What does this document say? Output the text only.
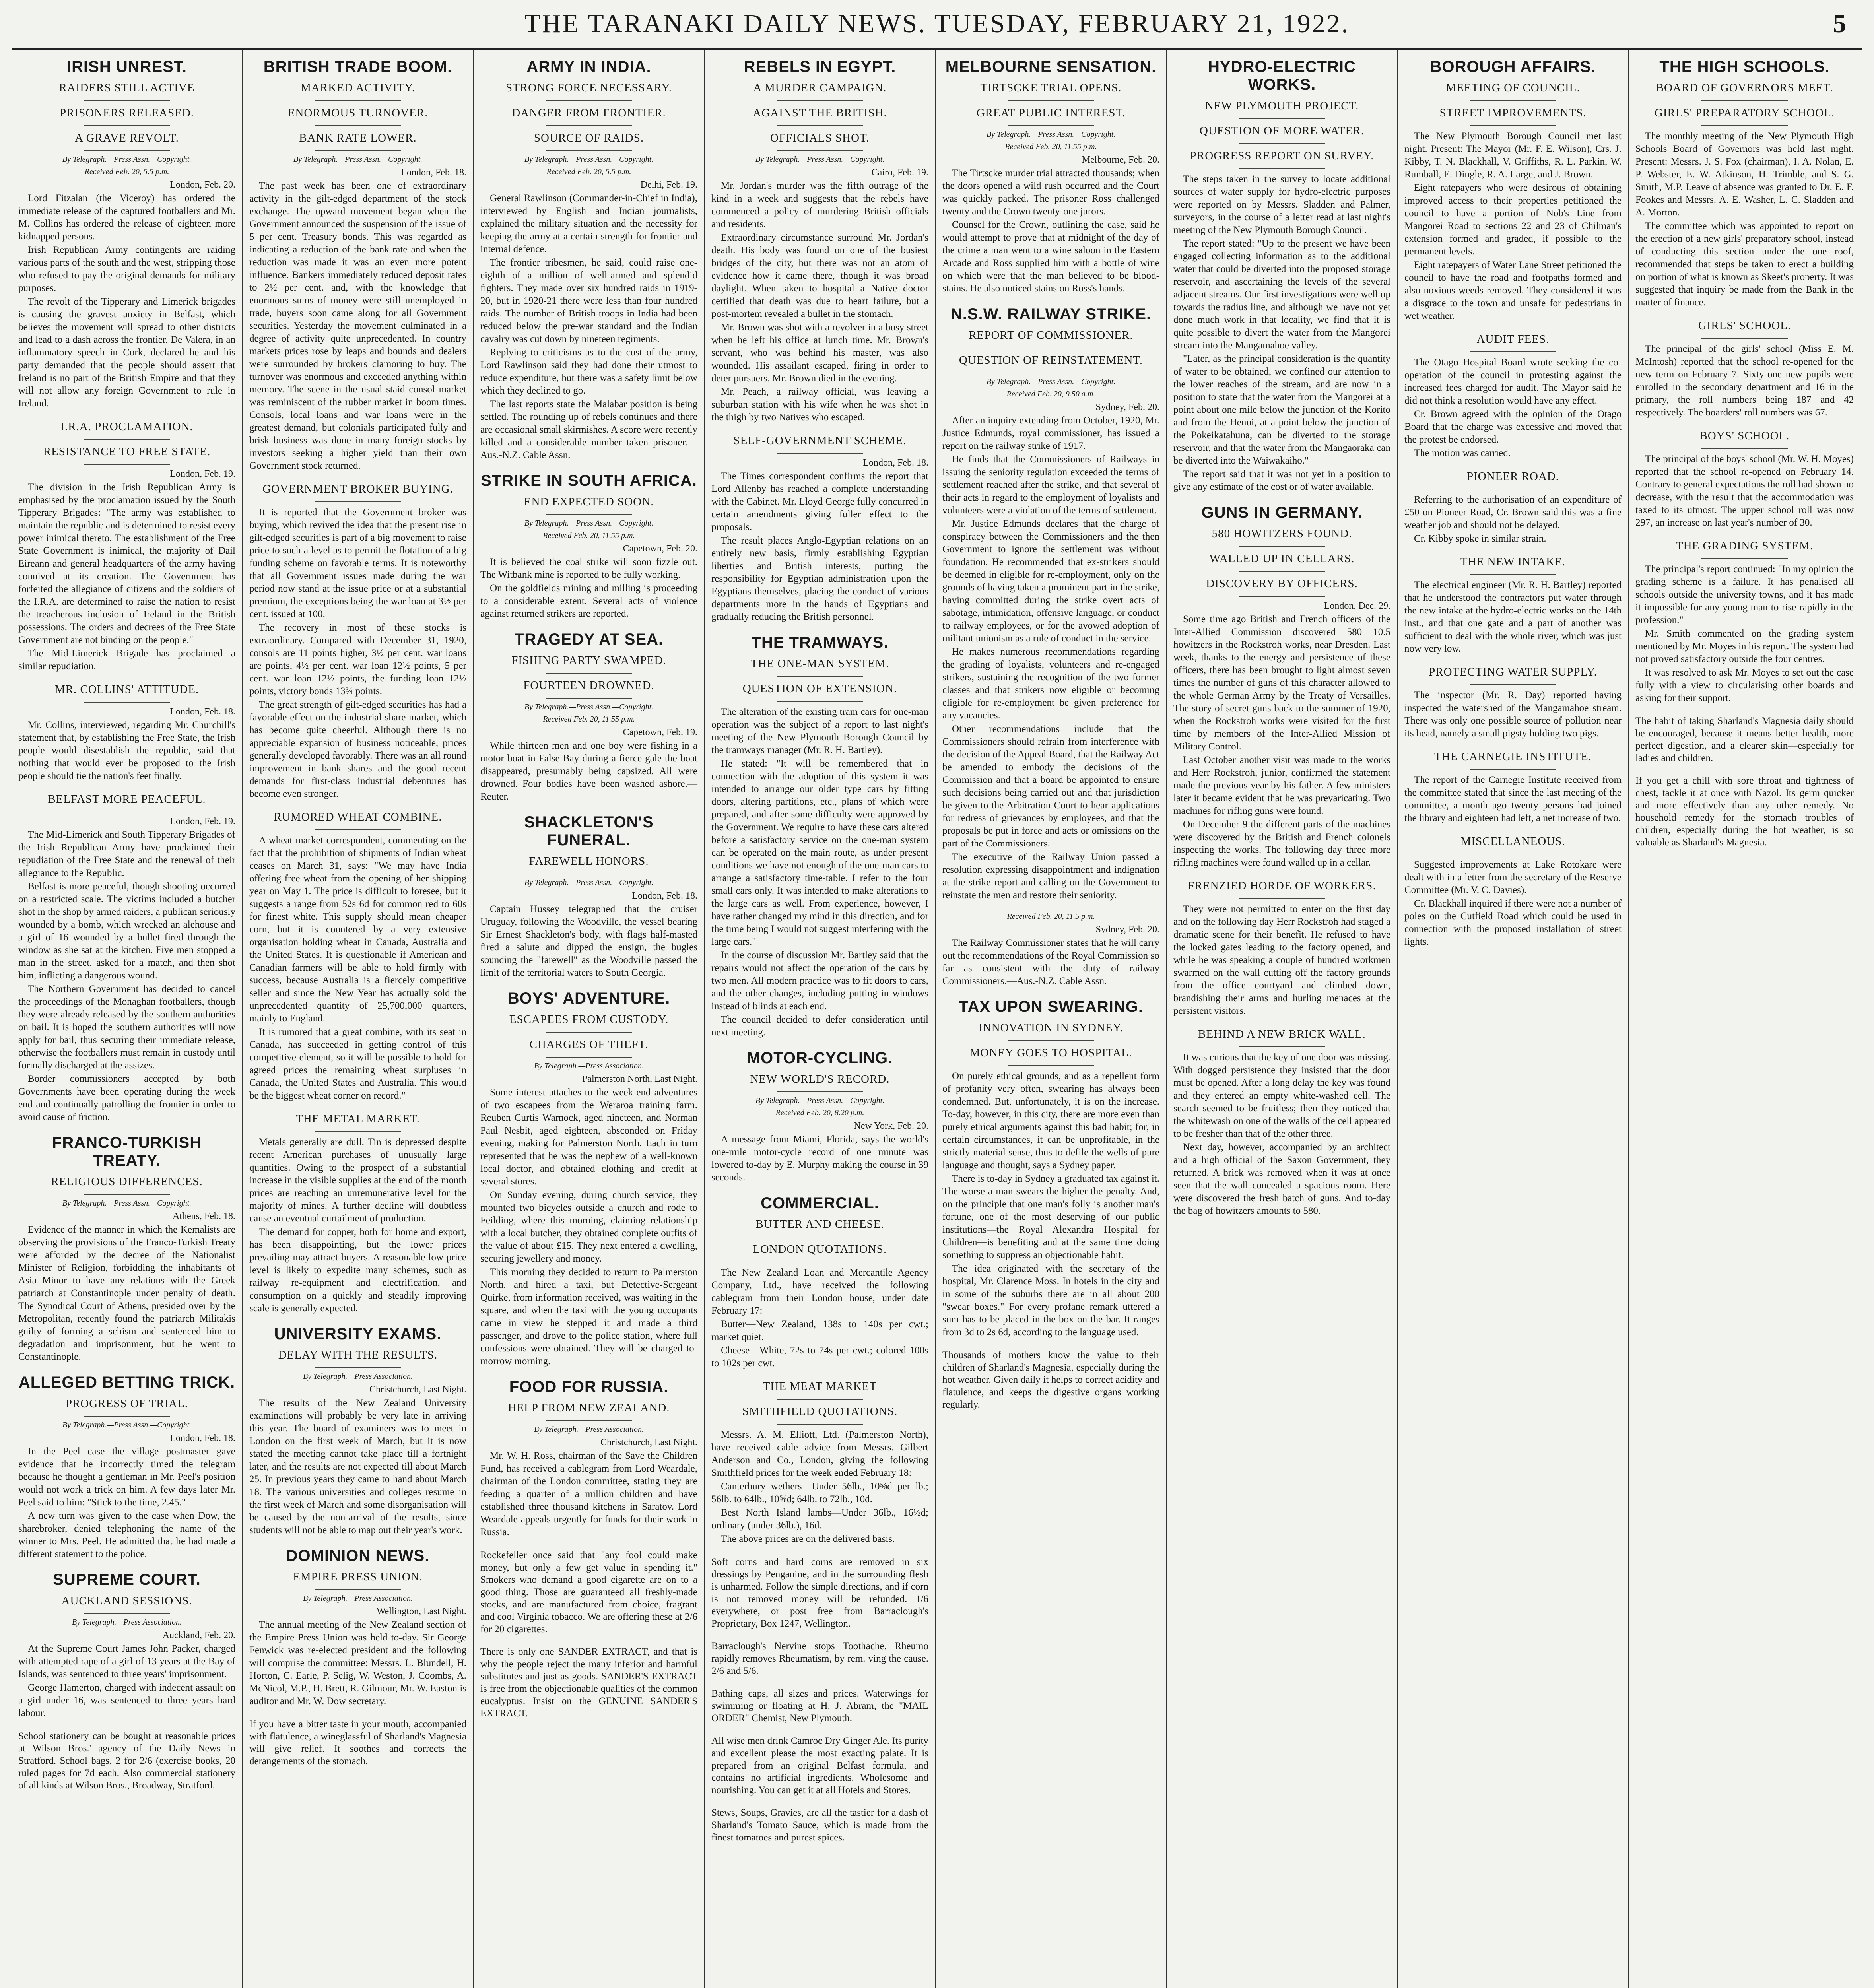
THE TARANAKI DAILY NEWS. TUESDAY, FEBRUARY 21, 1922.	5
IRISH UNREST.
RAIDERS STILL ACTIVE
PRISONERS RELEASED.
A GRAVE REVOLT.
By Telegraph.—Press Assn.—Copyright.
Received Feb. 20, 5.5 p.m.

London, Feb. 20.

Lord Fitzalan (the Viceroy) has ordered the immediate release of the captured footballers and Mr. M. Collins has ordered the release of eighteen more kidnapped persons.

Irish Republican Army contingents are raiding various parts of the south and the west, stripping those who refused to pay the original demands for military purposes.

The revolt of the Tipperary and Limerick brigades is causing the gravest anxiety in Belfast, which believes the movement will spread to other districts and lead to a dash across the frontier. De Valera, in an inflammatory speech in Cork, declared he and his party demanded that the people should assert that Ireland is no part of the British Empire and that they will not allow any foreign Government to rule in Ireland.

I.R.A. PROCLAMATION.
RESISTANCE TO FREE STATE.

London, Feb. 19.

The division in the Irish Republican Army is emphasised by the proclamation issued by the South Tipperary Brigades: "The army was established to maintain the republic and is determined to resist every power inimical thereto. The establishment of the Free State Government is inimical, the majority of Dail Eireann and general headquarters of the army having connived at its creation. The Government has forfeited the allegiance of citizens and the soldiers of the I.R.A. are determined to raise the nation to resist the treacherous inclusion of Ireland in the British possessions. The orders and decrees of the Free State Government are not binding on the people."

The Mid-Limerick Brigade has proclaimed a similar repudiation.

MR. COLLINS' ATTITUDE.

London, Feb. 18.

Mr. Collins, interviewed, regarding Mr. Churchill's statement that, by establishing the Free State, the Irish people would disestablish the republic, said that nothing that would ever be proposed to the Irish people should tie the nation's feet finally.

BELFAST MORE PEACEFUL.

London, Feb. 19.

The Mid-Limerick and South Tipperary Brigades of the Irish Republican Army have proclaimed their repudiation of the Free State and the renewal of their allegiance to the Republic.

Belfast is more peaceful, though shooting occurred on a restricted scale. The victims included a butcher shot in the shop by armed raiders, a publican seriously wounded by a bomb, which wrecked an alehouse and a girl of 16 wounded by a bullet fired through the window as she sat at the kitchen. Five men stopped a man in the street, asked for a match, and then shot him, inflicting a dangerous wound.

The Northern Government has decided to cancel the proceedings of the Monaghan footballers, though they were already released by the southern authorities on bail. It is hoped the southern authorities will now apply for bail, thus securing their immediate release, otherwise the footballers must remain in custody until formally discharged at the assizes.

Border commissioners accepted by both Governments have been operating during the week end and continually patrolling the frontier in order to avoid cause of friction.

FRANCO-TURKISH TREATY.
RELIGIOUS DIFFERENCES.
By Telegraph.—Press Assn.—Copyright.

Athens, Feb. 18.

Evidence of the manner in which the Kemalists are observing the provisions of the Franco-Turkish Treaty were afforded by the decree of the Nationalist Minister of Religion, forbidding the inhabitants of Asia Minor to have any relations with the Greek patriarch at Constantinople under penalty of death. The Synodical Court of Athens, presided over by the Metropolitan, recently found the patriarch Militakis guilty of forming a schism and sentenced him to degradation and imprisonment, but he went to Constantinople.

ALLEGED BETTING TRICK.
PROGRESS OF TRIAL.
By Telegraph.—Press Assn.—Copyright.

London, Feb. 18.

In the Peel case the village postmaster gave evidence that he incorrectly timed the telegram because he thought a gentleman in Mr. Peel's position would not work a trick on him. A few days later Mr. Peel said to him: "Stick to the time, 2.45."

A new turn was given to the case when Dow, the sharebroker, denied telephoning the name of the winner to Mrs. Peel. He admitted that he had made a different statement to the police.

SUPREME COURT.
AUCKLAND SESSIONS.
By Telegraph.—Press Association.

Auckland, Feb. 20.

At the Supreme Court James John Packer, charged with attempted rape of a girl of 13 years at the Bay of Islands, was sentenced to three years' imprisonment.

George Hamerton, charged with indecent assault on a girl under 16, was sentenced to three years hard labour.

School stationery can be bought at reasonable prices at Wilson Bros.' agency of the Daily News in Stratford. School bags, 2 for 2/6 (exercise books, 20 ruled pages for 7d each. Also commercial stationery of all kinds at Wilson Bros., Broadway, Stratford.

BRITISH TRADE BOOM.
MARKED ACTIVITY.
ENORMOUS TURNOVER.
BANK RATE LOWER.
By Telegraph.—Press Assn.—Copyright.

London, Feb. 18.

The past week has been one of extraordinary activity in the gilt-edged department of the stock exchange. The upward movement began when the Government announced the suspension of the issue of 5 per cent. Treasury bonds. This was regarded as indicating a reduction of the bank-rate and when the reduction was made it was an even more potent influence. Bankers immediately reduced deposit rates to 2½ per cent. and, with the knowledge that enormous sums of money were still unemployed in trade, buyers soon came along for all Government securities. Yesterday the movement culminated in a degree of activity quite unprecedented. In country markets prices rose by leaps and bounds and dealers were surrounded by brokers clamoring to buy. The turnover was enormous and exceeded anything within memory. The scene in the usual staid consol market was reminiscent of the rubber market in boom times. Consols, local loans and war loans were in the greatest demand, but colonials participated fully and brisk business was done in many foreign stocks by investors seeking a higher yield than their own Government stock returned.

GOVERNMENT BROKER BUYING.

It is reported that the Government broker was buying, which revived the idea that the present rise in gilt-edged securities is part of a big movement to raise price to such a level as to permit the flotation of a big funding scheme on favorable terms. It is noteworthy that all Government issues made during the war period now stand at the issue price or at a substantial premium, the exceptions being the war loan at 3½ per cent. issued at 100.

The recovery in most of these stocks is extraordinary. Compared with December 31, 1920, consols are 11 points higher, 3½ per cent. war loans are points, 4½ per cent. war loan 12½ points, 5 per cent. war loan 12½ points, the funding loan 12½ points, victory bonds 13¾ points.

The great strength of gilt-edged securities has had a favorable effect on the industrial share market, which has become quite cheerful. Although there is no appreciable expansion of business noticeable, prices generally developed favorably. There was an all round improvement in bank shares and the good recent demands for first-class industrial debentures has become even stronger.

RUMORED WHEAT COMBINE.

A wheat market correspondent, commenting on the fact that the prohibition of shipments of Indian wheat ceases on March 31, says: "We may have India offering free wheat from the opening of her shipping year on May 1. The price is difficult to foresee, but it suggests a range from 52s 6d for common red to 60s for finest white. This supply should mean cheaper corn, but it is countered by a very extensive organisation holding wheat in Canada, Australia and the United States. It is questionable if American and Canadian farmers will be able to hold firmly with success, because Australia is a fiercely competitive seller and since the New Year has actually sold the unprecedented quantity of 25,700,000 quarters, mainly to England.

It is rumored that a great combine, with its seat in Canada, has succeeded in getting control of this competitive element, so it will be possible to hold for agreed prices the remaining wheat surpluses in Canada, the United States and Australia. This would be the biggest wheat corner on record."

THE METAL MARKET.

Metals generally are dull. Tin is depressed despite recent American purchases of unusually large quantities. Owing to the prospect of a substantial increase in the visible supplies at the end of the month prices are reaching an unremunerative level for the majority of mines. A further decline will doubtless cause an eventual curtailment of production.

The demand for copper, both for home and export, has been disappointing, but the lower prices prevailing may attract buyers. A reasonable low price level is likely to expedite many schemes, such as railway re-equipment and electrification, and consumption on a quickly and steadily improving scale is generally expected.

UNIVERSITY EXAMS.
DELAY WITH THE RESULTS.
By Telegraph.—Press Association.

Christchurch, Last Night.

The results of the New Zealand University examinations will probably be very late in arriving this year. The board of examiners was to meet in London on the first week of March, but it is now stated the meeting cannot take place till a fortnight later, and the results are not expected till about March 25. In previous years they came to hand about March 18. The various universities and colleges resume in the first week of March and some disorganisation will be caused by the non-arrival of the results, since students will not be able to map out their year's work.

DOMINION NEWS.
EMPIRE PRESS UNION.
By Telegraph.—Press Association.

Wellington, Last Night.

The annual meeting of the New Zealand section of the Empire Press Union was held to-day. Sir George Fenwick was re-elected president and the following will comprise the committee: Messrs. L. Blundell, H. Horton, C. Earle, P. Selig, W. Weston, J. Coombs, A. McNicol, M.P., H. Brett, R. Gilmour, Mr. W. Easton is auditor and Mr. W. Dow secretary.

If you have a bitter taste in your mouth, accompanied with flatulence, a wineglassful of Sharland's Magnesia will give relief. It soothes and corrects the derangements of the stomach.

ARMY IN INDIA.
STRONG FORCE NECESSARY.
DANGER FROM FRONTIER.
SOURCE OF RAIDS.
By Telegraph.—Press Assn.—Copyright.
Received Feb. 20, 5.5 p.m.

Delhi, Feb. 19.

General Rawlinson (Commander-in-Chief in India), interviewed by English and Indian journalists, explained the military situation and the necessity for keeping the army at a certain strength for frontier and internal defence.

The frontier tribesmen, he said, could raise one-eighth of a million of well-armed and splendid fighters. They made over six hundred raids in 1919-20, but in 1920-21 there were less than four hundred raids. The number of British troops in India had been reduced below the pre-war standard and the Indian cavalry was cut down by nineteen regiments.

Replying to criticisms as to the cost of the army, Lord Rawlinson said they had done their utmost to reduce expenditure, but there was a safety limit below which they declined to go.

The last reports state the Malabar position is being settled. The rounding up of rebels continues and there are occasional small skirmishes. A score were recently killed and a considerable number taken prisoner.—Aus.-N.Z. Cable Assn.

STRIKE IN SOUTH AFRICA.
END EXPECTED SOON.
By Telegraph.—Press Assn.—Copyright.
Received Feb. 20, 11.55 p.m.

Capetown, Feb. 20.

It is believed the coal strike will soon fizzle out. The Witbank mine is reported to be fully working.

On the goldfields mining and milling is proceeding to a considerable extent. Several acts of violence against returned strikers are reported.

TRAGEDY AT SEA.
FISHING PARTY SWAMPED.
FOURTEEN DROWNED.
By Telegraph.—Press Assn.—Copyright.
Received Feb. 20, 11.55 p.m.

Capetown, Feb. 19.

While thirteen men and one boy were fishing in a motor boat in False Bay during a fierce gale the boat disappeared, presumably being capsized. All were drowned. Four bodies have been washed ashore.—Reuter.

SHACKLETON'S FUNERAL.
FAREWELL HONORS.
By Telegraph.—Press Assn.—Copyright.

London, Feb. 18.

Captain Hussey telegraphed that the cruiser Uruguay, following the Woodville, the vessel bearing Sir Ernest Shackleton's body, with flags half-masted fired a salute and dipped the ensign, the bugles sounding the "farewell" as the Woodville passed the limit of the territorial waters to South Georgia.

BOYS' ADVENTURE.
ESCAPEES FROM CUSTODY.
CHARGES OF THEFT.
By Telegraph.—Press Association.

Palmerston North, Last Night.

Some interest attaches to the week-end adventures of two escapees from the Weraroa training farm. Reuben Curtis Warnock, aged nineteen, and Norman Paul Nesbit, aged eighteen, absconded on Friday evening, making for Palmerston North. Each in turn represented that he was the nephew of a well-known local doctor, and obtained clothing and credit at several stores.

On Sunday evening, during church service, they mounted two bicycles outside a church and rode to Feilding, where this morning, claiming relationship with a local butcher, they obtained complete outfits of the value of about £15. They next entered a dwelling, securing jewellery and money.

This morning they decided to return to Palmerston North, and hired a taxi, but Detective-Sergeant Quirke, from information received, was waiting in the square, and when the taxi with the young occupants came in view he stepped it and made a third passenger, and drove to the police station, where full confessions were obtained. They will be charged to-morrow morning.

FOOD FOR RUSSIA.
HELP FROM NEW ZEALAND.
By Telegraph.—Press Association.

Christchurch, Last Night.

Mr. W. H. Ross, chairman of the Save the Children Fund, has received a cablegram from Lord Weardale, chairman of the London committee, stating they are feeding a quarter of a million children and have established three thousand kitchens in Saratov. Lord Weardale appeals urgently for funds for their work in Russia.

Rockefeller once said that "any fool could make money, but only a few get value in spending it." Smokers who demand a good cigarette are on to a good thing. Those are guaranteed all freshly-made stocks, and are manufactured from choice, fragrant and cool Virginia tobacco. We are offering these at 2/6 for 20 cigarettes.

There is only one SANDER EXTRACT, and that is why the people reject the many inferior and harmful substitutes and just as goods. SANDER'S EXTRACT is free from the objectionable qualities of the common eucalyptus. Insist on the GENUINE SANDER'S EXTRACT.

REBELS IN EGYPT.
A MURDER CAMPAIGN.
AGAINST THE BRITISH.
OFFICIALS SHOT.
By Telegraph.—Press Assn.—Copyright.

Cairo, Feb. 19.

Mr. Jordan's murder was the fifth outrage of the kind in a week and suggests that the rebels have commenced a policy of murdering British officials and residents.

Extraordinary circumstance surround Mr. Jordan's death. His body was found on one of the busiest bridges of the city, but there was not an atom of evidence how it came there, though it was broad daylight. When taken to hospital a Native doctor certified that death was due to heart failure, but a post-mortem revealed a bullet in the stomach.

Mr. Brown was shot with a revolver in a busy street when he left his office at lunch time. Mr. Brown's servant, who was behind his master, was also wounded. His assailant escaped, firing in order to deter pursuers. Mr. Brown died in the evening.

Mr. Peach, a railway official, was leaving a suburban station with his wife when he was shot in the thigh by two Natives who escaped.

SELF-GOVERNMENT SCHEME.

London, Feb. 18.

The Times correspondent confirms the report that Lord Allenby has reached a complete understanding with the Cabinet. Mr. Lloyd George fully concurred in certain amendments giving fuller effect to the proposals.

The result places Anglo-Egyptian relations on an entirely new basis, firmly establishing Egyptian liberties and British interests, putting the responsibility for Egyptian administration upon the Egyptians themselves, placing the conduct of various departments more in the hands of Egyptians and gradually reducing the British personnel.

THE TRAMWAYS.
THE ONE-MAN SYSTEM.
QUESTION OF EXTENSION.

The alteration of the existing tram cars for one-man operation was the subject of a report to last night's meeting of the New Plymouth Borough Council by the tramways manager (Mr. R. H. Bartley).

He stated: "It will be remembered that in connection with the adoption of this system it was intended to arrange our older type cars by fitting doors, altering partitions, etc., plans of which were prepared, and after some difficulty were approved by the Government. We require to have these cars altered before a satisfactory service on the one-man system can be operated on the main route, as under present conditions we have not enough of the one-man cars to arrange a satisfactory time-table. I refer to the four small cars only. It was intended to make alterations to the large cars as well. From experience, however, I have rather changed my mind in this direction, and for the time being I would not suggest interfering with the large cars."

In the course of discussion Mr. Bartley said that the repairs would not affect the operation of the cars by two men. All modern practice was to fit doors to cars, and the other changes, including putting in windows instead of blinds at each end.

The council decided to defer consideration until next meeting.

MOTOR-CYCLING.
NEW WORLD'S RECORD.
By Telegraph.—Press Assn.—Copyright.
Received Feb. 20, 8.20 p.m.

New York, Feb. 20.

A message from Miami, Florida, says the world's one-mile motor-cycle record of one minute was lowered to-day by E. Murphy making the course in 39 seconds.

COMMERCIAL.
BUTTER AND CHEESE.
LONDON QUOTATIONS.

The New Zealand Loan and Mercantile Agency Company, Ltd., have received the following cablegram from their London house, under date February 17:

Butter—New Zealand, 138s to 140s per cwt.; market quiet.

Cheese—White, 72s to 74s per cwt.; colored 100s to 102s per cwt.

THE MEAT MARKET
SMITHFIELD QUOTATIONS.

Messrs. A. M. Elliott, Ltd. (Palmerston North), have received cable advice from Messrs. Gilbert Anderson and Co., London, giving the following Smithfield prices for the week ended February 18:

Canterbury wethers—Under 56lb., 10⅝d per lb.; 56lb. to 64lb., 10⅝d; 64lb. to 72lb., 10d.

Best North Island lambs—Under 36lb., 16½d; ordinary (under 36lb.), 16d.

The above prices are on the delivered basis.

Soft corns and hard corns are removed in six dressings by Penganine, and in the surrounding flesh is unharmed. Follow the simple directions, and if corn is not removed money will be refunded. 1/6 everywhere, or post free from Barraclough's Proprietary, Box 1247, Wellington.

Barraclough's Nervine stops Toothache. Rheumo rapidly removes Rheumatism, by rem. ving the cause. 2/6 and 5/6.

Bathing caps, all sizes and prices. Waterwings for swimming or floating at H. J. Abram, the "MAIL ORDER" Chemist, New Plymouth.

All wise men drink Camroc Dry Ginger Ale. Its purity and excellent please the most exacting palate. It is prepared from an original Belfast formula, and contains no artificial ingredients. Wholesome and nourishing. You can get it at all Hotels and Stores.

Stews, Soups, Gravies, are all the tastier for a dash of Sharland's Tomato Sauce, which is made from the finest tomatoes and purest spices.

MELBOURNE SENSATION.
TIRTSCKE TRIAL OPENS.
GREAT PUBLIC INTEREST.
By Telegraph.—Press Assn.—Copyright.
Received Feb. 20, 11.55 p.m.

Melbourne, Feb. 20.

The Tirtscke murder trial attracted thousands; when the doors opened a wild rush occurred and the Court was quickly packed. The prisoner Ross challenged twenty and the Crown twenty-one jurors.

Counsel for the Crown, outlining the case, said he would attempt to prove that at midnight of the day of the crime a man went to a wine saloon in the Eastern Arcade and Ross supplied him with a bottle of wine on which were that the man believed to be blood-stains. He also noticed stains on Ross's hands.

N.S.W. RAILWAY STRIKE.
REPORT OF COMMISSIONER.
QUESTION OF REINSTATEMENT.
By Telegraph.—Press Assn.—Copyright.
Received Feb. 20, 9.50 a.m.

Sydney, Feb. 20.

After an inquiry extending from October, 1920, Mr. Justice Edmunds, royal commissioner, has issued a report on the railway strike of 1917.

He finds that the Commissioners of Railways in issuing the seniority regulation exceeded the terms of settlement reached after the strike, and that several of their acts in regard to the employment of loyalists and volunteers were a violation of the terms of settlement.

Mr. Justice Edmunds declares that the charge of conspiracy between the Commissioners and the then Government to ignore the settlement was without foundation. He recommended that ex-strikers should be deemed in eligible for re-employment, only on the grounds of having taken a prominent part in the strike, having committed during the strike overt acts of sabotage, intimidation, offensive language, or conduct to railway employees, or for the avowed adoption of militant unionism as a rule of conduct in the service.

He makes numerous recommendations regarding the grading of loyalists, volunteers and re-engaged strikers, sustaining the recognition of the two former classes and that strikers now eligible or becoming eligible for re-employment be given preference for any vacancies.

Other recommendations include that the Commissioners should refrain from interference with the decision of the Appeal Board, that the Railway Act be amended to embody the decisions of the Commission and that a board be appointed to ensure such decisions being carried out and that jurisdiction be given to the Arbitration Court to hear applications for redress of grievances by employees, and that the proposals be put in force and acts or omissions on the part of the Commissioners.

The executive of the Railway Union passed a resolution expressing disappointment and indignation at the strike report and calling on the Government to reinstate the men and restore their seniority.

Received Feb. 20, 11.5 p.m.

Sydney, Feb. 20.

The Railway Commissioner states that he will carry out the recommendations of the Royal Commission so far as consistent with the duty of railway Commissioners.—Aus.-N.Z. Cable Assn.

TAX UPON SWEARING.
INNOVATION IN SYDNEY.
MONEY GOES TO HOSPITAL.

On purely ethical grounds, and as a repellent form of profanity very often, swearing has always been condemned. But, unfortunately, it is on the increase. To-day, however, in this city, there are more even than purely ethical arguments against this bad habit; for, in certain circumstances, it can be unprofitable, in the strictly material sense, thus to defile the wells of pure language and thought, says a Sydney paper.

There is to-day in Sydney a graduated tax against it. The worse a man swears the higher the penalty. And, on the principle that one man's folly is another man's fortune, one of the most deserving of our public institutions—the Royal Alexandra Hospital for Children—is benefiting and at the same time doing something to suppress an objectionable habit.

The idea originated with the secretary of the hospital, Mr. Clarence Moss. In hotels in the city and in some of the suburbs there are in all about 200 "swear boxes." For every profane remark uttered a sum has to be placed in the box on the bar. It ranges from 3d to 2s 6d, according to the language used.

Thousands of mothers know the value to their children of Sharland's Magnesia, especially during the hot weather. Given daily it helps to correct acidity and flatulence, and keeps the digestive organs working regularly.

HYDRO-ELECTRIC WORKS.
NEW PLYMOUTH PROJECT.
QUESTION OF MORE WATER.
PROGRESS REPORT ON SURVEY.

The steps taken in the survey to locate additional sources of water supply for hydro-electric purposes were reported on by Messrs. Sladden and Palmer, surveyors, in the course of a letter read at last night's meeting of the New Plymouth Borough Council.

The report stated: "Up to the present we have been engaged collecting information as to the additional water that could be diverted into the proposed storage reservoir, and ascertaining the levels of the several adjacent streams. Our first investigations were well up towards the radius line, and although we have not yet done much work in that locality, we find that it is quite possible to divert the water from the Mangorei stream into the Mangamahoe valley.

"Later, as the principal consideration is the quantity of water to be obtained, we confined our attention to the lower reaches of the stream, and are now in a position to state that the water from the Mangorei at a point about one mile below the junction of the Korito and from the Henui, at a point below the junction of the Pokeikatahuna, can be diverted to the storage reservoir, and that the water from the Mangaoraka can be diverted into the Waiwakaiho."

The report said that it was not yet in a position to give any estimate of the cost or of water available.

GUNS IN GERMANY.
580 HOWITZERS FOUND.
WALLED UP IN CELLARS.
DISCOVERY BY OFFICERS.

London, Dec. 29.

Some time ago British and French officers of the Inter-Allied Commission discovered 580 10.5 howitzers in the Rockstroh works, near Dresden. Last week, thanks to the energy and persistence of these officers, there has been brought to light almost seven times the number of guns of this character allowed to the whole German Army by the Treaty of Versailles. The story of secret guns back to the summer of 1920, when the Rockstroh works were visited for the first time by members of the Inter-Allied Mission of Military Control.

Last October another visit was made to the works and Herr Rockstroh, junior, confirmed the statement made the previous year by his father. A few ministers later it became evident that he was prevaricating. Two machines for rifling guns were found.

On December 9 the different parts of the machines were discovered by the British and French colonels inspecting the works. The following day three more rifling machines were found walled up in a cellar.

FRENZIED HORDE OF WORKERS.

They were not permitted to enter on the first day and on the following day Herr Rockstroh had staged a dramatic scene for their benefit. He refused to have the locked gates leading to the factory opened, and while he was speaking a couple of hundred workmen swarmed on the wall cutting off the factory grounds from the office courtyard and climbed down, brandishing their arms and hurling menaces at the persistent visitors.

BEHIND A NEW BRICK WALL.

It was curious that the key of one door was missing. With dogged persistence they insisted that the door must be opened. After a long delay the key was found and they entered an empty white-washed cell. The search seemed to be fruitless; then they noticed that the whitewash on one of the walls of the cell appeared to be fresher than that of the other three.

Next day, however, accompanied by an architect and a high official of the Saxon Government, they returned. A brick was removed when it was at once seen that the wall concealed a spacious room. Here were discovered the fresh batch of guns. And to-day the bag of howitzers amounts to 580.

BOROUGH AFFAIRS.
MEETING OF COUNCIL.
STREET IMPROVEMENTS.

The New Plymouth Borough Council met last night. Present: The Mayor (Mr. F. E. Wilson), Crs. J. Kibby, T. N. Blackhall, V. Griffiths, R. L. Parkin, W. Rumball, E. Dingle, R. A. Large, and J. Brown.

Eight ratepayers who were desirous of obtaining improved access to their properties petitioned the council to have a portion of Nob's Line from Mangorei Road to sections 22 and 23 of Chilman's extension formed and graded, if possible to the permanent levels.

Eight ratepayers of Water Lane Street petitioned the council to have the road and footpaths formed and also noxious weeds removed. They considered it was a disgrace to the town and unsafe for pedestrians in wet weather.

AUDIT FEES.

The Otago Hospital Board wrote seeking the co-operation of the council in protesting against the increased fees charged for audit. The Mayor said he did not think a resolution would have any effect.

Cr. Brown agreed with the opinion of the Otago Board that the charge was excessive and moved that the protest be endorsed.

The motion was carried.

PIONEER ROAD.

Referring to the authorisation of an expenditure of £50 on Pioneer Road, Cr. Brown said this was a fine weather job and should not be delayed.

Cr. Kibby spoke in similar strain.

THE NEW INTAKE.

The electrical engineer (Mr. R. H. Bartley) reported that he understood the contractors put water through the new intake at the hydro-electric works on the 14th inst., and that one gate and a part of another was sufficient to deal with the whole river, which was just now very low.

PROTECTING WATER SUPPLY.

The inspector (Mr. R. Day) reported having inspected the watershed of the Mangamahoe stream. There was only one possible source of pollution near its head, namely a small pigsty holding two pigs.

THE CARNEGIE INSTITUTE.

The report of the Carnegie Institute received from the committee stated that since the last meeting of the committee, a month ago twenty persons had joined the library and eighteen had left, a net increase of two.

MISCELLANEOUS.

Suggested improvements at Lake Rotokare were dealt with in a letter from the secretary of the Reserve Committee (Mr. V. C. Davies).

Cr. Blackhall inquired if there were not a number of poles on the Cutfield Road which could be used in connection with the proposed installation of street lights.

THE HIGH SCHOOLS.
BOARD OF GOVERNORS MEET.
GIRLS' PREPARATORY SCHOOL.

The monthly meeting of the New Plymouth High Schools Board of Governors was held last night. Present: Messrs. J. S. Fox (chairman), I. A. Nolan, E. P. Webster, E. W. Atkinson, H. Trimble, and S. G. Smith, M.P. Leave of absence was granted to Dr. E. F. Fookes and Messrs. A. E. Washer, L. C. Sladden and A. Morton.

The committee which was appointed to report on the erection of a new girls' preparatory school, instead of conducting this section under the one roof, recommended that steps be taken to erect a building on portion of what is known as Skeet's property. It was suggested that inquiry be made from the Bank in the matter of finance.

GIRLS' SCHOOL.

The principal of the girls' school (Miss E. M. McIntosh) reported that the school re-opened for the new term on February 7. Sixty-one new pupils were enrolled in the secondary department and 16 in the primary, the roll numbers being 187 and 42 respectively. The boarders' roll numbers was 67.

BOYS' SCHOOL.

The principal of the boys' school (Mr. W. H. Moyes) reported that the school re-opened on February 14. Contrary to general expectations the roll had shown no decrease, with the result that the accommodation was taxed to its utmost. The upper school roll was now 297, an increase on last year's number of 30.

THE GRADING SYSTEM.

The principal's report continued: "In my opinion the grading scheme is a failure. It has penalised all schools outside the university towns, and it has made it impossible for any young man to rise rapidly in the profession."

Mr. Smith commented on the grading system mentioned by Mr. Moyes in his report. The system had not proved satisfactory outside the four centres.

It was resolved to ask Mr. Moyes to set out the case fully with a view to circularising other boards and asking for their support.

The habit of taking Sharland's Magnesia daily should be encouraged, because it means better health, more perfect digestion, and a clearer skin—especially for ladies and children.

If you get a chill with sore throat and tightness of chest, tackle it at once with Nazol. Its germ quicker and more effectively than any other remedy. No household remedy for the stomach troubles of children, especially during the hot weather, is so valuable as Sharland's Magnesia.
